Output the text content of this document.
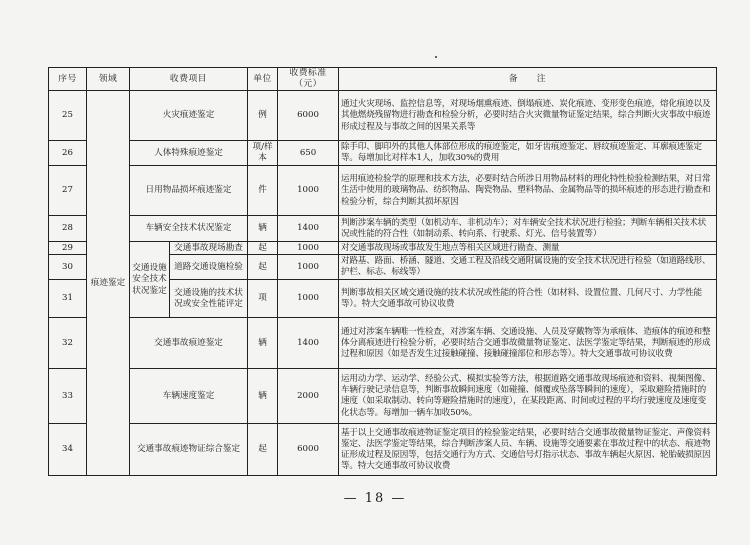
序号	领域	收费项目		单位	收费标准（元）	备　　注
25	痕迹鉴定	火灾痕迹鉴定		例	6000	通过火灾现场、监控信息等，对现场烟熏痕迹、倒塌痕迹、炭化痕迹、变形变色痕迹，熔化痕迹以及其他燃烧残留物进行勘查和检验分析，必要时结合火灾微量物证鉴定结果，综合判断火灾事故中痕迹形成过程及与事故之间的因果关系等
26		人体特殊痕迹鉴定		项/样本	650	除手印、脚印外的其他人体部位形成的痕迹鉴定，如牙齿痕迹鉴定、唇纹痕迹鉴定、耳廓痕迹鉴定等。每增加比对样本1人，加收30%的费用
27		日用物品损坏痕迹鉴定		件	1000	运用痕迹检验学的原理和技术方法，必要时结合所涉日用物品材料的理化特性检验检测结果，对日常生活中使用的玻璃物品、纺织物品、陶瓷物品、塑料物品、金属物品等的损坏痕迹的形态进行勘查和检验分析，综合判断其损坏原因
28		车辆安全技术状况鉴定		辆	1400	判断涉案车辆的类型（如机动车、非机动车）；对车辆安全技术状况进行检验；判断车辆相关技术状况或性能的符合性（如制动系、转向系、行驶系、灯光、信号装置等）
29		交通设施安全技术状况鉴定	交通事故现场勘查	起	1000	对交通事故现场或事故发生地点等相关区域进行勘查、测量
30			道路交通设施检验	起	1000	对路基、路面、桥涵、隧道、交通工程及沿线交通附属设施的安全技术状况进行检验（如道路线形、护栏、标志、标线等）
31			交通设施的技术状况或安全性能评定	项	1000	判断事故相关区域交通设施的技术状况或性能的符合性（如材料、设置位置、几何尺寸、力学性能等）。特大交通事故可协议收费
32		交通事故痕迹鉴定		辆	1400	通过对涉案车辆唯一性检查，对涉案车辆、交通设施、人员及穿戴物等为承痕体、造痕体的痕迹和整体分离痕迹进行检验分析，必要时结合交通事故微量物证鉴定、法医学鉴定等结果，判断痕迹的形成过程和原因（如是否发生过接触碰撞、接触碰撞部位和形态等）。特大交通事故可协议收费
33		车辆速度鉴定		辆	2000	运用动力学、运动学、经验公式、模拟实验等方法，根据道路交通事故现场痕迹和资料、视频图像、车辆行驶记录信息等，判断事故瞬间速度（如碰撞、倾覆或坠落等瞬间的速度），采取避险措施时的速度（如采取制动、转向等避险措施时的速度），在某段距离、时间或过程的平均行驶速度及速度变化状态等。每增加一辆车加收50%。
34		交通事故痕迹物证综合鉴定		起	6000	基于以上交通事故痕迹物证鉴定项目的检验鉴定结果，必要时结合交通事故微量物证鉴定、声像资料鉴定、法医学鉴定等结果，综合判断涉案人员、车辆、设施等交通要素在事故过程中的状态、痕迹物证形成过程及原因等，包括交通行为方式、交通信号灯指示状态、事故车辆起火原因、轮胎破损原因等。特大交通事故可协议收费
— 18 —
